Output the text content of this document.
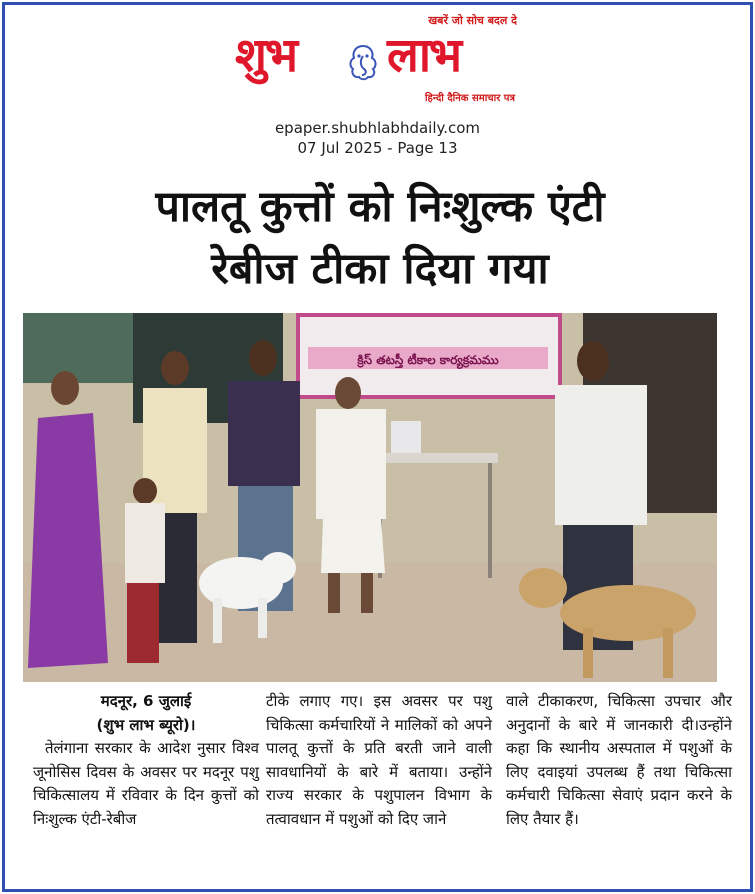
खबरें जो सोच बदल दे
शुभ लाभ
हिन्दी दैनिक समाचार पत्र
epaper.shubhlabhdaily.com
07 Jul 2025 - Page 13
पालतू कुत्तों को निःशुल्क एंटी
रेबीज टीका दिया गया
క్రిస్‌ తటస్తీ టీకాల కార్యక్రమము
मदनूर, 6 जुलाई
(शुभ लाभ ब्यूरो)।
तेलंगाना सरकार के आदेश नुसार विश्व जूनोसिस दिवस के अवसर पर मदनूर पशु चिकित्सालय में रविवार के दिन कुत्तों को निःशुल्क एंटी-रेबीज
टीके लगाए गए। इस अवसर पर पशु चिकित्सा कर्मचारियों ने मालिकों को अपने पालतू कुत्तों के प्रति बरती जाने वाली सावधानियों के बारे में बताया। उन्होंने राज्य सरकार के पशुपालन विभाग के तत्वावधान में पशुओं को दिए जाने
वाले टीकाकरण, चिकित्सा उपचार और अनुदानों के बारे में जानकारी दी।उन्होंने कहा कि स्थानीय अस्पताल में पशुओं के लिए दवाइयां उपलब्ध हैं तथा चिकित्सा कर्मचारी चिकित्सा सेवाएं प्रदान करने के लिए तैयार हैं।
